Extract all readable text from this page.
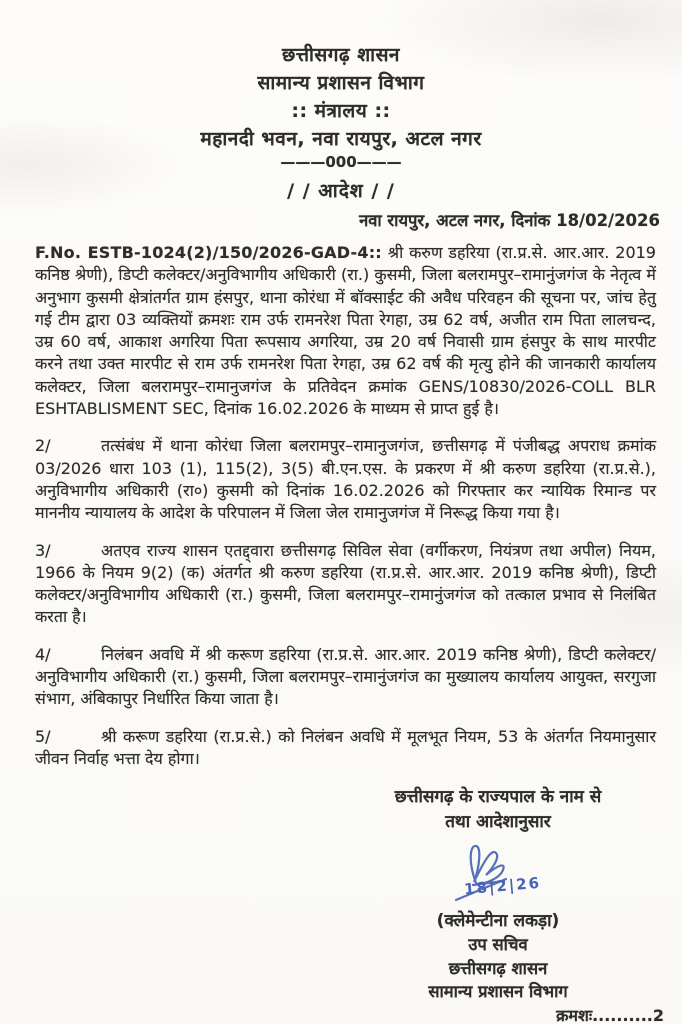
छत्तीसगढ़ शासन
सामान्य प्रशासन विभाग
:: मंत्रालय ::
महानदी भवन, नवा रायपुर, अटल नगर
———000———
/ / आदेश / /
नवा रायपुर, अटल नगर, दिनांक 18/02/2026

F.No. ESTB-1024(2)/150/2026-GAD-4:: श्री करुण डहरिया (रा.प्र.से. आर.आर. 2019 कनिष्ठ श्रेणी), डिप्टी कलेक्टर/अनुविभागीय अधिकारी (रा.) कुसमी, जिला बलरामपुर–रामानुंजगंज के नेतृत्व में अनुभाग कुसमी क्षेत्रांतर्गत ग्राम हंसपुर, थाना कोरंधा में बॉक्साईट की अवैध परिवहन की सूचना पर, जांच हेतु गई टीम द्वारा 03 व्यक्तियों क्रमशः राम उर्फ रामनरेश पिता रेगहा, उम्र 62 वर्ष, अजीत राम पिता लालचन्द, उम्र 60 वर्ष, आकाश अगरिया पिता रूपसाय अगरिया, उम्र 20 वर्ष निवासी ग्राम हंसपुर के साथ मारपीट करने तथा उक्त मारपीट से राम उर्फ रामनरेश पिता रेगहा, उम्र 62 वर्ष की मृत्यु होने की जानकारी कार्यालय कलेक्टर, जिला बलरामपुर–रामानुजगंज के प्रतिवेदन क्रमांक GENS/10830/2026-COLL BLR ESHTABLISMENT SEC, दिनांक 16.02.2026 के माध्यम से प्राप्त हुई है।

2/	तत्संबंध में थाना कोरंधा जिला बलरामपुर–रामानुजगंज, छत्तीसगढ़ में पंजीबद्ध अपराध क्रमांक 03/2026 धारा 103 (1), 115(2), 3(5) बी.एन.एस. के प्रकरण में श्री करुण डहरिया (रा.प्र.से.), अनुविभागीय अधिकारी (रा०) कुसमी को दिनांक 16.02.2026 को गिरफ्तार कर न्यायिक रिमान्ड पर माननीय न्यायालय के आदेश के परिपालन में जिला जेल रामानुजगंज में निरूद्ध किया गया है।

3/	अतएव राज्य शासन एतद्द्वारा छत्तीसगढ़ सिविल सेवा (वर्गीकरण, नियंत्रण तथा अपील) नियम, 1966 के नियम 9(2) (क) अंतर्गत श्री करुण डहरिया (रा.प्र.से. आर.आर. 2019 कनिष्ठ श्रेणी), डिप्टी कलेक्टर/अनुविभागीय अधिकारी (रा.) कुसमी, जिला बलरामपुर–रामानुंजगंज को तत्काल प्रभाव से निलंबित करता है।

4/	निलंबन अवधि में श्री करूण डहरिया (रा.प्र.से. आर.आर. 2019 कनिष्ठ श्रेणी), डिप्टी कलेक्टर/अनुविभागीय अधिकारी (रा.) कुसमी, जिला बलरामपुर–रामानुंजगंज का मुख्यालय कार्यालय आयुक्त, सरगुजा संभाग, अंबिकापुर निर्धारित किया जाता है।

5/	श्री करूण डहरिया (रा.प्र.से.) को निलंबन अवधि में मूलभूत नियम, 53 के अंतर्गत नियमानुसार जीवन निर्वाह भत्ता देय होगा।

छत्तीसगढ़ के राज्यपाल के नाम से
तथा आदेशानुसार
18|2|26
(क्लेमेन्टीना लकड़ा)
उप सचिव
छत्तीसगढ़ शासन
सामान्य प्रशासन विभाग
क्रमशः..........2
